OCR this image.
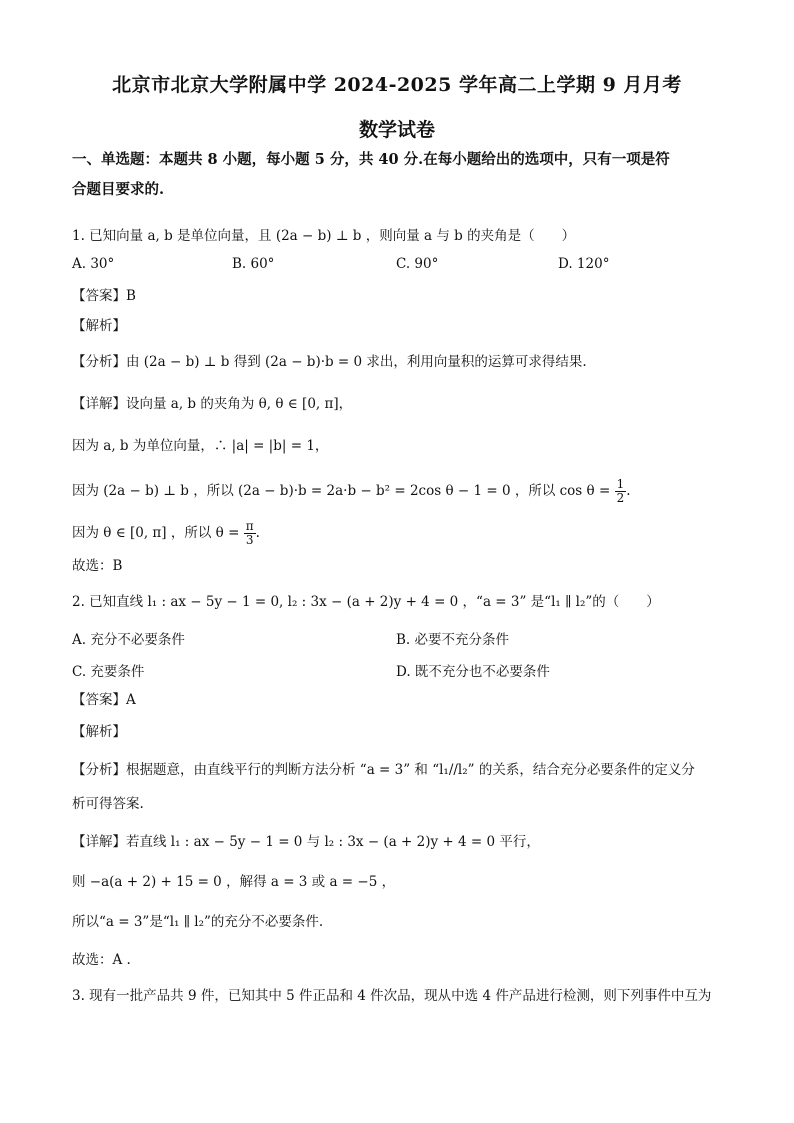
北京市北京大学附属中学 2024-2025 学年高二上学期 9 月月考
数学试卷
一、单选题：本题共 8 小题，每小题 5 分，共 40 分.在每小题给出的选项中，只有一项是符
合题目要求的.
1. 已知向量 a, b 是单位向量，且 (2a − b) ⊥ b ，则向量 a 与 b 的夹角是（　　）
A. 30°	B. 60°	C. 90°	D. 120°
【答案】B
【解析】
【分析】由 (2a − b) ⊥ b 得到 (2a − b)·b = 0 求出，利用向量积的运算可求得结果.
【详解】设向量 a, b 的夹角为 θ, θ ∈ [0, π]，
因为 a, b 为单位向量，∴ |a| = |b| = 1，
因为 (2a − b) ⊥ b ，所以 (2a − b)·b = 2a·b − b² = 2cos θ − 1 = 0 ，所以 $\cos \theta = \frac{1}{2}$ .
因为 θ ∈ [0, π] ，所以 $\theta = \frac{\pi}{3}$ .
故选：B
2. 已知直线 l₁ : ax − 5y − 1 = 0, l₂ : 3x − (a + 2)y + 4 = 0 ，“a = 3” 是“l₁ ∥ l₂”的（　　）
A. 充分不必要条件	B. 必要不充分条件
C. 充要条件	D. 既不充分也不必要条件
【答案】A
【解析】
【分析】根据题意，由直线平行的判断方法分析 “a = 3” 和 “l₁//l₂” 的关系，结合充分必要条件的定义分
析可得答案.
【详解】若直线 l₁ : ax − 5y − 1 = 0 与 l₂ : 3x − (a + 2)y + 4 = 0 平行，
则 −a(a + 2) + 15 = 0 ，解得 a = 3 或 a = −5 ，
所以“a = 3”是“l₁ ∥ l₂”的充分不必要条件.
故选：A .
3. 现有一批产品共 9 件，已知其中 5 件正品和 4 件次品，现从中选 4 件产品进行检测，则下列事件中互为
